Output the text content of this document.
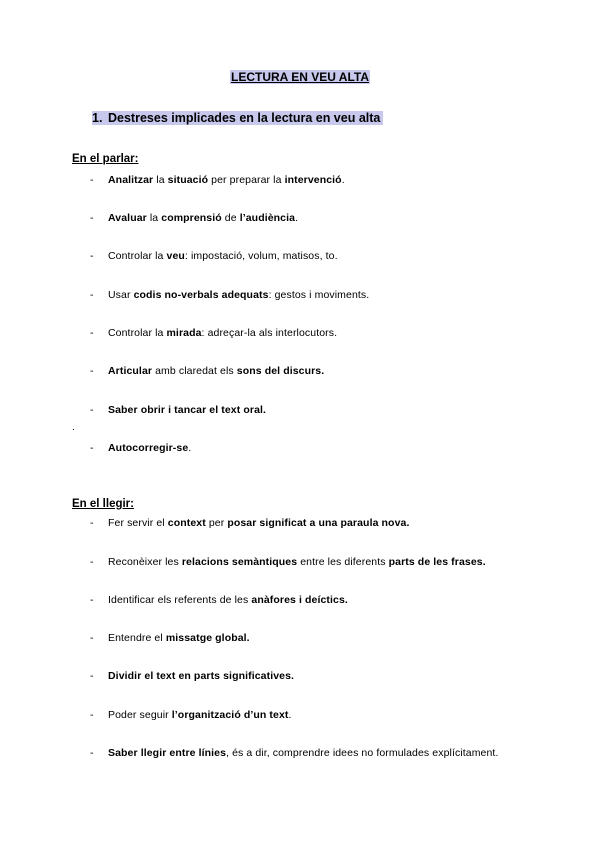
LECTURA EN VEU ALTA
1. Destreses implicades en la lectura en veu alta
En el parlar:
En el llegir:
.
- Analitzar la situació per preparar la intervenció.
- Avaluar la comprensió de l’audiència.
- Controlar la veu: impostació, volum, matisos, to.
- Usar codis no-verbals adequats: gestos i moviments.
- Controlar la mirada: adreçar-la als interlocutors.
- Articular amb claredat els sons del discurs.
- Saber obrir i tancar el text oral.
- Autocorregir-se.
- Fer servir el context per posar significat a una paraula nova.
- Reconèixer les relacions semàntiques entre les diferents parts de les frases.
- Identificar els referents de les anàfores i deíctics.
- Entendre el missatge global.
- Dividir el text en parts significatives.
- Poder seguir l’organització d’un text.
- Saber llegir entre línies, és a dir, comprendre idees no formulades explícitament.
